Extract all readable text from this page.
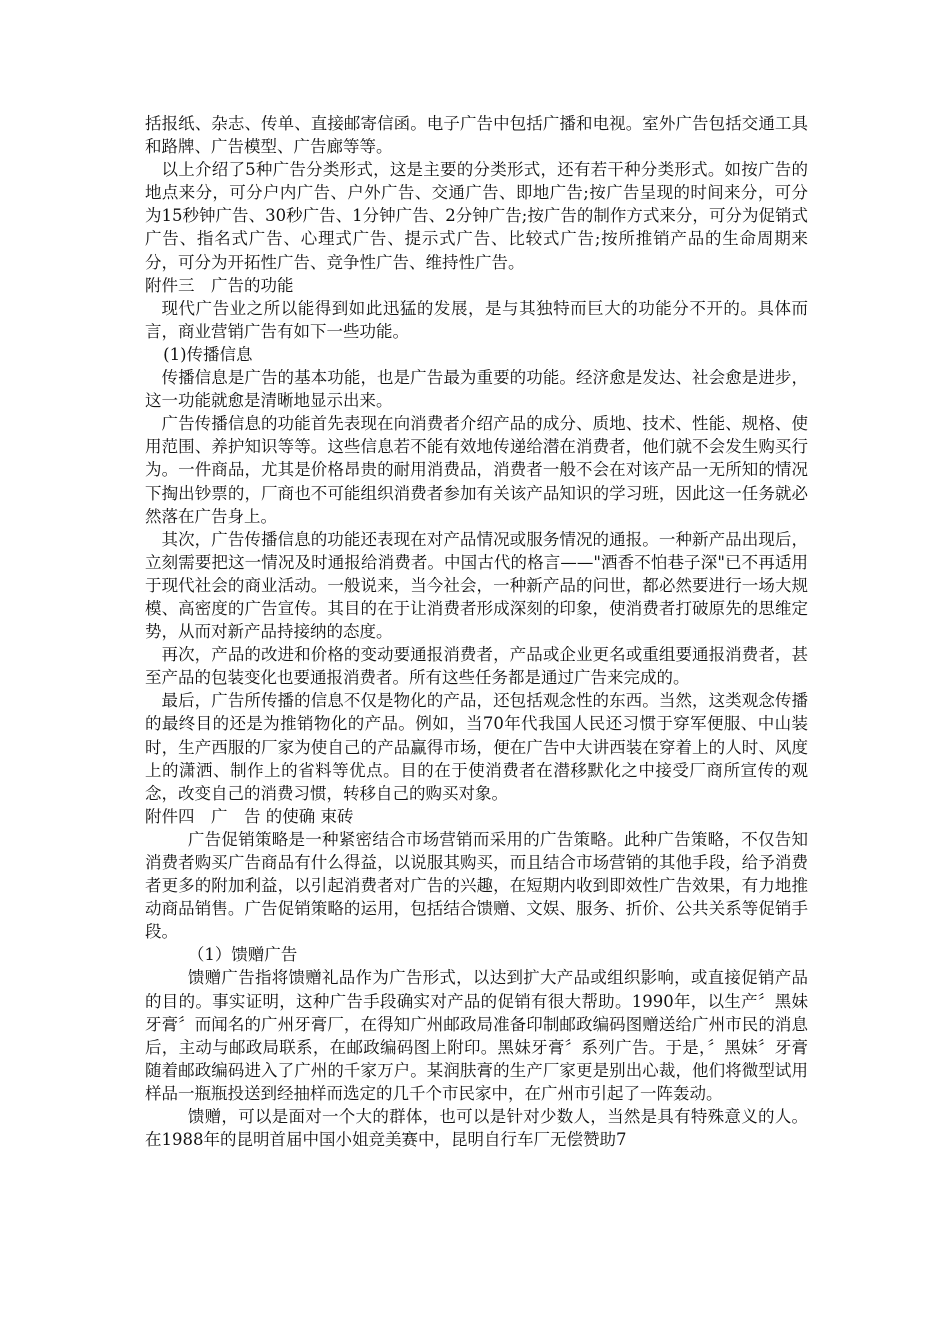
括报纸、杂志、传单、直接邮寄信函。电子广告中包括广播和电视。室外广告包括交通工具和路牌、广告模型、广告廊等等。

以上介绍了5种广告分类形式，这是主要的分类形式，还有若干种分类形式。如按广告的地点来分，可分户内广告、户外广告、交通广告、即地广告;按广告呈现的时间来分，可分为15秒钟广告、30秒广告、1分钟广告、2分钟广告;按广告的制作方式来分，可分为促销式广告、指名式广告、心理式广告、提示式广告、比较式广告;按所推销产品的生命周期来分，可分为开拓性广告、竞争性广告、维持性广告。

附件三　广告的功能

现代广告业之所以能得到如此迅猛的发展，是与其独特而巨大的功能分不开的。具体而言，商业营销广告有如下一些功能。

(1)传播信息

传播信息是广告的基本功能，也是广告最为重要的功能。经济愈是发达、社会愈是进步，这一功能就愈是清晰地显示出来。

广告传播信息的功能首先表现在向消费者介绍产品的成分、质地、技术、性能、规格、使用范围、养护知识等等。这些信息若不能有效地传递给潜在消费者，他们就不会发生购买行为。一件商品，尤其是价格昂贵的耐用消费品，消费者一般不会在对该产品一无所知的情况下掏出钞票的，厂商也不可能组织消费者参加有关该产品知识的学习班，因此这一任务就必然落在广告身上。

其次，广告传播信息的功能还表现在对产品情况或服务情况的通报。一种新产品出现后，立刻需要把这一情况及时通报给消费者。中国古代的格言——"酒香不怕巷子深"已不再适用于现代社会的商业活动。一般说来，当今社会，一种新产品的问世，都必然要进行一场大规模、高密度的广告宣传。其目的在于让消费者形成深刻的印象，使消费者打破原先的思维定势，从而对新产品持接纳的态度。

再次，产品的改进和价格的变动要通报消费者，产品或企业更名或重组要通报消费者，甚至产品的包装变化也要通报消费者。所有这些任务都是通过广告来完成的。

最后，广告所传播的信息不仅是物化的产品，还包括观念性的东西。当然，这类观念传播的最终目的还是为推销物化的产品。例如，当70年代我国人民还习惯于穿军便服、中山装时，生产西服的厂家为使自己的产品赢得市场，便在广告中大讲西装在穿着上的人时、风度上的潇洒、制作上的省料等优点。目的在于使消费者在潜移默化之中接受厂商所宣传的观念，改变自己的消费习惯，转移自己的购买对象。

附件四　广　告 的使确 束砖

广告促销策略是一种紧密结合市场营销而采用的广告策略。此种广告策略，不仅告知消费者购买广告商品有什么得益，以说服其购买，而且结合市场营销的其他手段，给予消费者更多的附加利益，以引起消费者对广告的兴趣，在短期内收到即效性广告效果，有力地推动商品销售。广告促销策略的运用，包括结合馈赠、文娱、服务、折价、公共关系等促销手段。

（1）馈赠广告

馈赠广告指将馈赠礼品作为广告形式，以达到扩大产品或组织影响，或直接促销产品的目的。事实证明，这种广告手段确实对产品的促销有很大帮助。1990年，以生产〞黑妹牙膏〞而闻名的广州牙膏厂，在得知广州邮政局准备印制邮政编码图赠送给广州市民的消息后，主动与邮政局联系，在邮政编码图上附印。黑妹牙膏〞系列广告。于是，〞黑妹〞牙膏随着邮政编码进入了广州的千家万户。某润肤膏的生产厂家更是别出心裁，他们将微型试用样品一瓶瓶投送到经抽样而选定的几千个市民家中，在广州市引起了一阵轰动。

馈赠，可以是面对一个大的群体，也可以是针对少数人，当然是具有特殊意义的人。在1988年的昆明首届中国小姐竞美赛中，昆明自行车厂无偿赞助7
